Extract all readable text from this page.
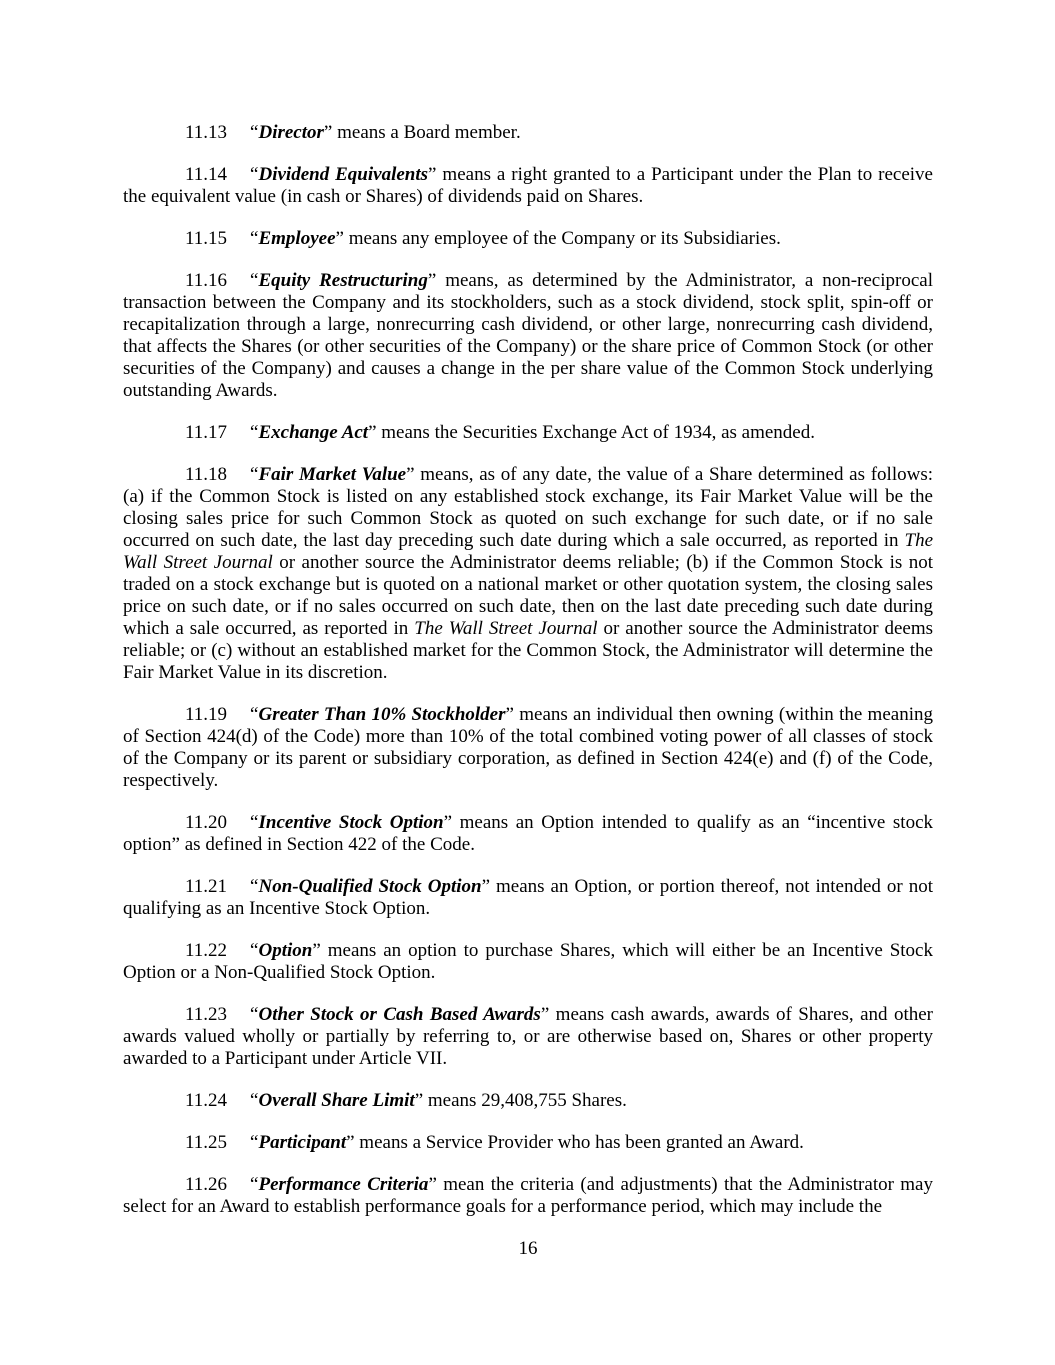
11.13 “Director” means a Board member.

11.14 “Dividend Equivalents” means a right granted to a Participant under the Plan to receive the equivalent value (in cash or Shares) of dividends paid on Shares.

11.15 “Employee” means any employee of the Company or its Subsidiaries.

11.16 “Equity Restructuring” means, as determined by the Administrator, a non-reciprocal transaction between the Company and its stockholders, such as a stock dividend, stock split, spin-off or recapitalization through a large, nonrecurring cash dividend, or other large, nonrecurring cash dividend, that affects the Shares (or other securities of the Company) or the share price of Common Stock (or other securities of the Company) and causes a change in the per share value of the Common Stock underlying outstanding Awards.

11.17 “Exchange Act” means the Securities Exchange Act of 1934, as amended.

11.18 “Fair Market Value” means, as of any date, the value of a Share determined as follows: (a) if the Common Stock is listed on any established stock exchange, its Fair Market Value will be the closing sales price for such Common Stock as quoted on such exchange for such date, or if no sale occurred on such date, the last day preceding such date during which a sale occurred, as reported in The Wall Street Journal or another source the Administrator deems reliable; (b) if the Common Stock is not traded on a stock exchange but is quoted on a national market or other quotation system, the closing sales price on such date, or if no sales occurred on such date, then on the last date preceding such date during which a sale occurred, as reported in The Wall Street Journal or another source the Administrator deems reliable; or (c) without an established market for the Common Stock, the Administrator will determine the Fair Market Value in its discretion.

11.19 “Greater Than 10% Stockholder” means an individual then owning (within the meaning of Section 424(d) of the Code) more than 10% of the total combined voting power of all classes of stock of the Company or its parent or subsidiary corporation, as defined in Section 424(e) and (f) of the Code, respectively.

11.20 “Incentive Stock Option” means an Option intended to qualify as an “incentive stock option” as defined in Section 422 of the Code.

11.21 “Non-Qualified Stock Option” means an Option, or portion thereof, not intended or not qualifying as an Incentive Stock Option.

11.22 “Option” means an option to purchase Shares, which will either be an Incentive Stock Option or a Non-Qualified Stock Option.

11.23 “Other Stock or Cash Based Awards” means cash awards, awards of Shares, and other awards valued wholly or partially by referring to, or are otherwise based on, Shares or other property awarded to a Participant under Article VII.

11.24 “Overall Share Limit” means 29,408,755 Shares.

11.25 “Participant” means a Service Provider who has been granted an Award.

11.26 “Performance Criteria” mean the criteria (and adjustments) that the Administrator may select for an Award to establish performance goals for a performance period, which may include the

16
